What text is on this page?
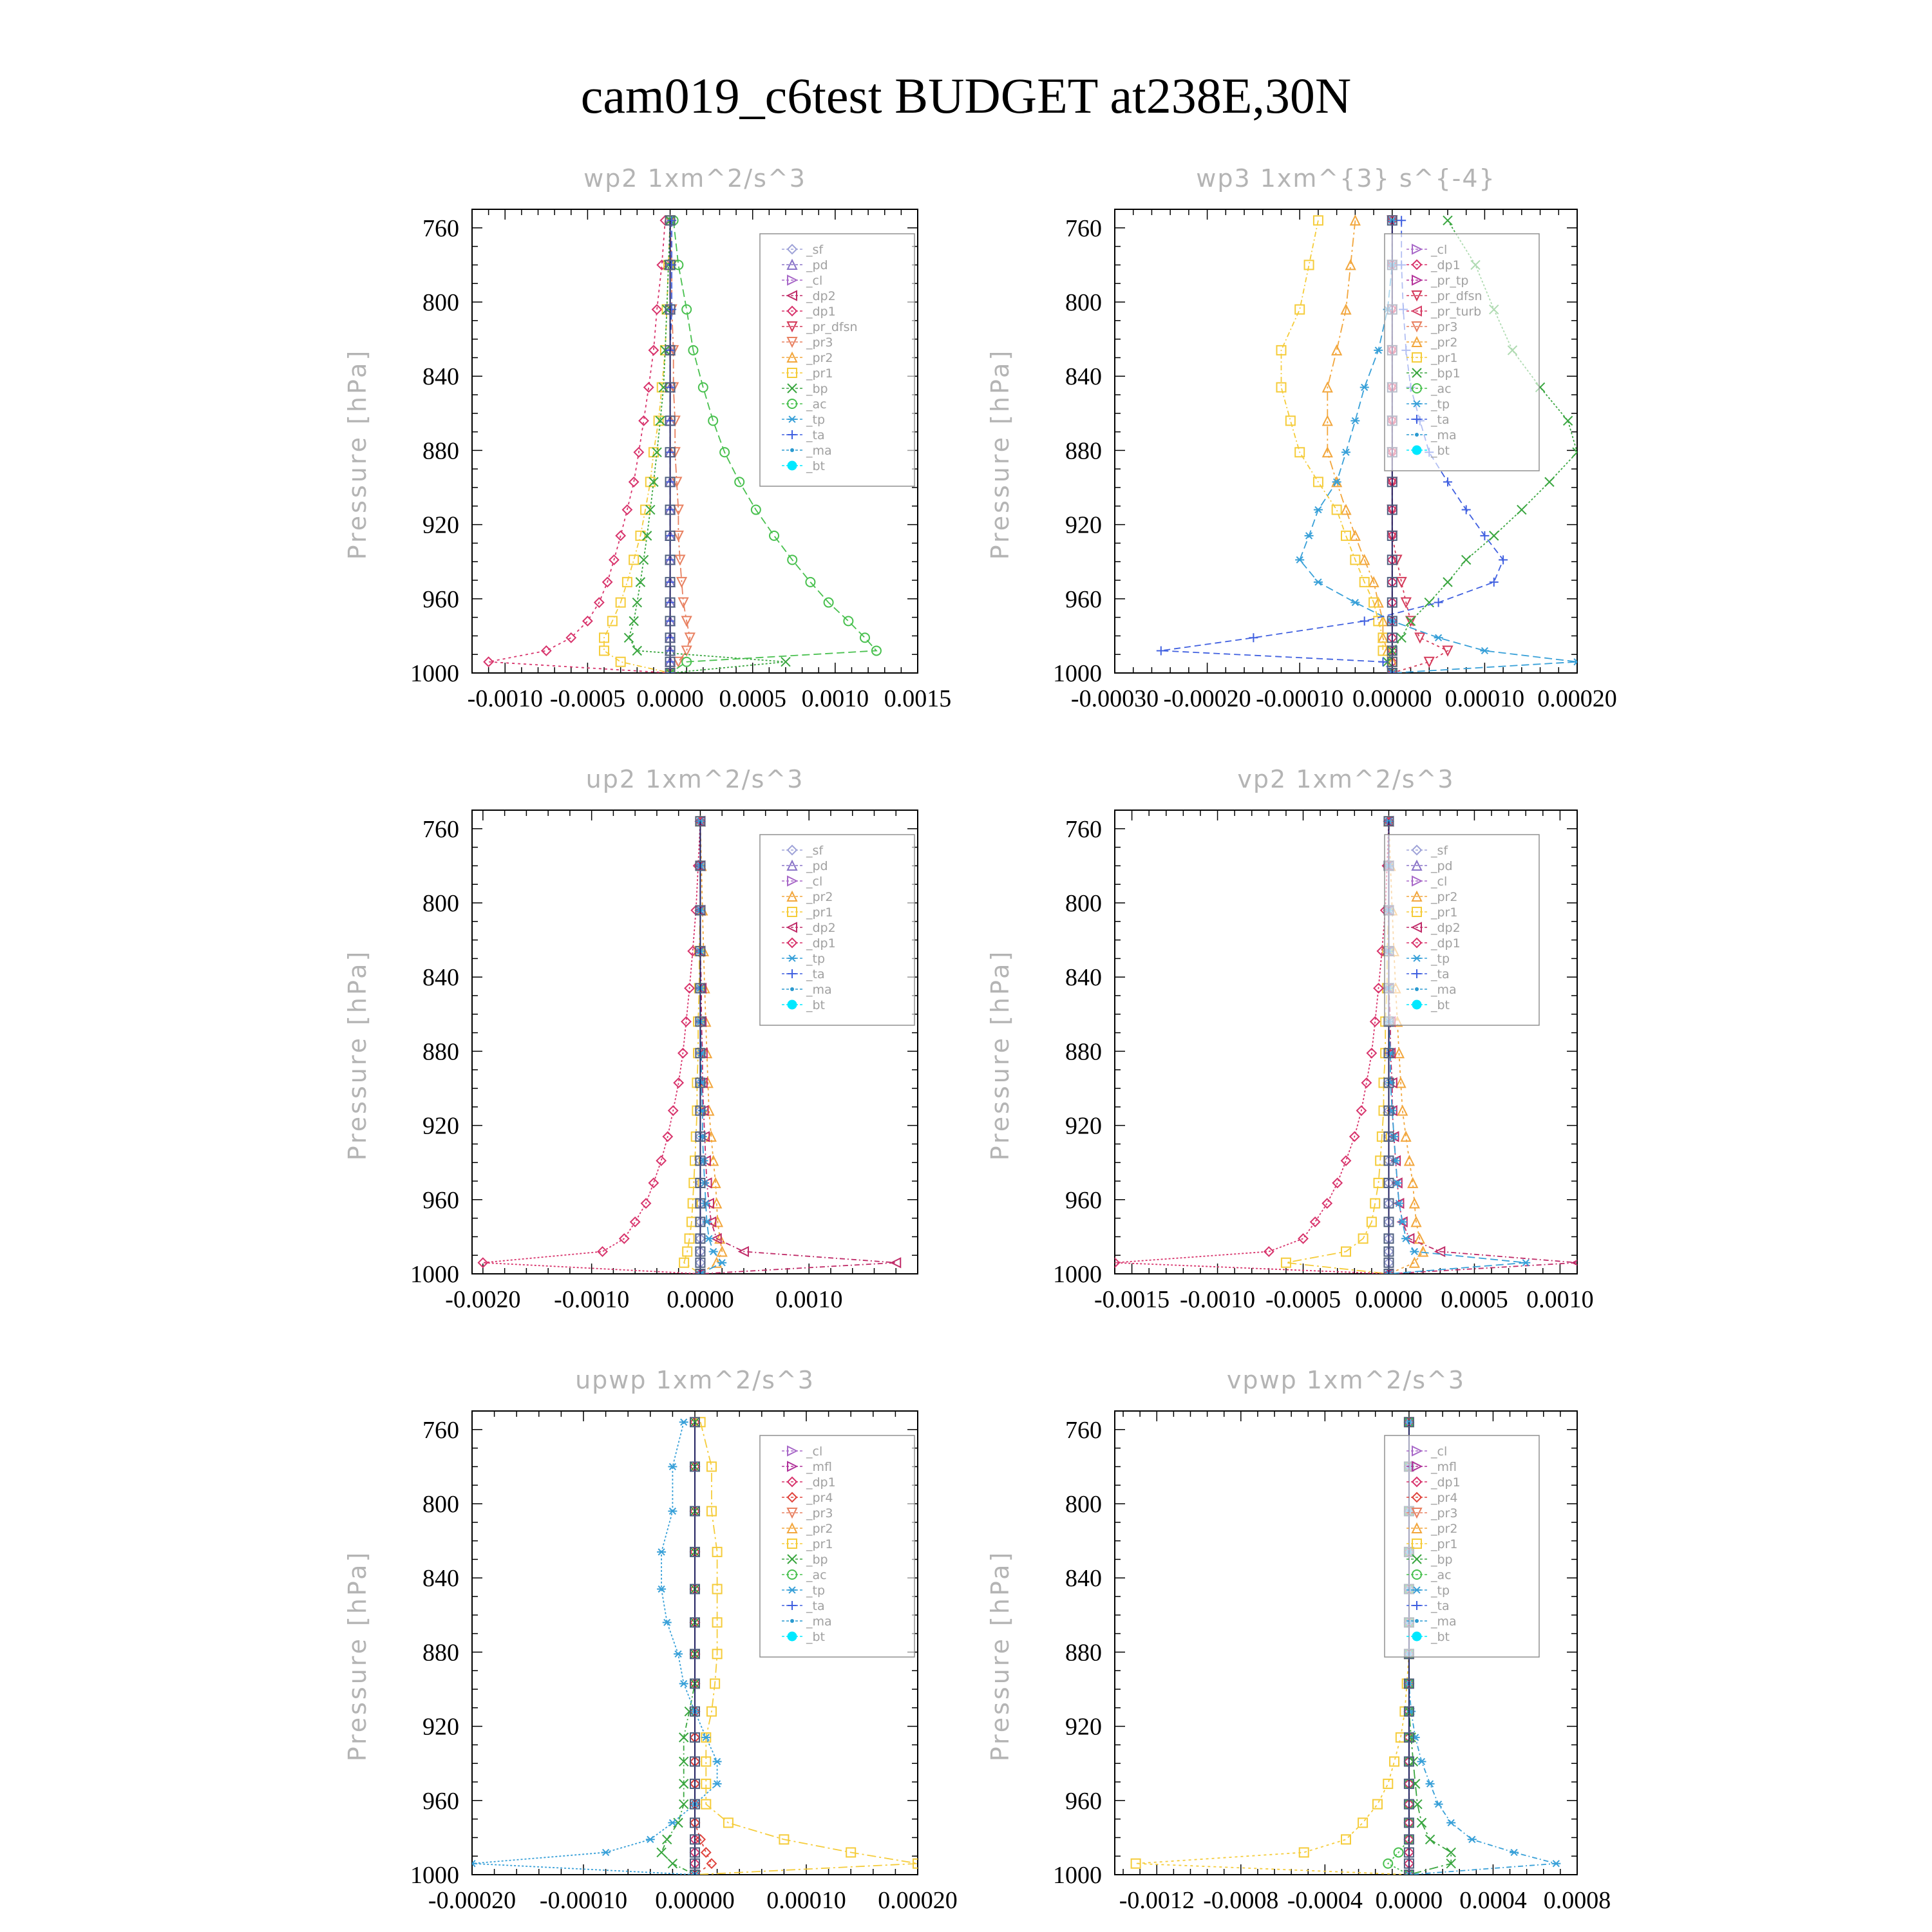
cam019_c6test BUDGET at238E,30N
wp2 1xm^2/s^3
Pressure [hPa]
760
800
840
880
920
960
1000
-0.0010 -0.0005 0.0000 0.0005 0.0010 0.0015
_sf
_pd
_cl
_dp2
_dp1
_pr_dfsn
_pr3
_pr2
_pr1
_bp
_ac
_tp
_ta
_ma
_bt
wp3 1xm^{3} s^{-4}
Pressure [hPa]
760
800
840
880
920
960
1000
-0.00030 -0.00020 -0.00010 0.00000 0.00010 0.00020
_cl
_dp1
_pr_tp
_pr_dfsn
_pr_turb
_pr3
_pr2
_pr1
_bp1
_ac
_tp
_ta
_ma
_bt
up2 1xm^2/s^3
Pressure [hPa]
760
800
840
880
920
960
1000
-0.0020 -0.0010 0.0000 0.0010
_sf
_pd
_cl
_pr2
_pr1
_dp2
_dp1
_tp
_ta
_ma
_bt
vp2 1xm^2/s^3
Pressure [hPa]
760
800
840
880
920
960
1000
-0.0015 -0.0010 -0.0005 0.0000 0.0005 0.0010
_sf
_pd
_cl
_pr2
_pr1
_dp2
_dp1
_tp
_ta
_ma
_bt
upwp 1xm^2/s^3
Pressure [hPa]
760
800
840
880
920
960
1000
-0.00020 -0.00010 0.00000 0.00010 0.00020
_cl
_mfl
_dp1
_pr4
_pr3
_pr2
_pr1
_bp
_ac
_tp
_ta
_ma
_bt
vpwp 1xm^2/s^3
Pressure [hPa]
760
800
840
880
920
960
1000
-0.0012 -0.0008 -0.0004 0.0000 0.0004 0.0008
_cl
_mfl
_dp1
_pr4
_pr3
_pr2
_pr1
_bp
_ac
_tp
_ta
_ma
_bt
